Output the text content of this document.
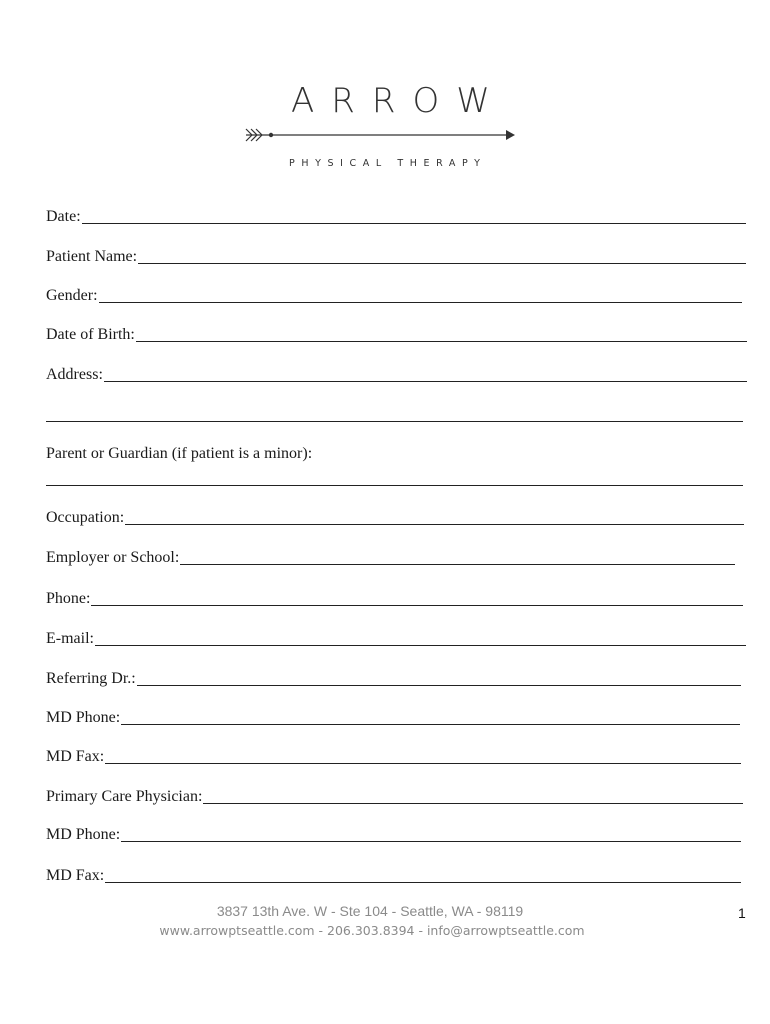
ARROW
PHYSICAL THERAPY
Date:
Patient Name:
Gender:
Date of Birth:
Address:
Parent or Guardian (if patient is a minor):
Occupation:
Employer or School:
Phone:
E-mail:
Referring Dr.:
MD Phone:
MD Fax:
Primary Care Physician:
MD Phone:
MD Fax:
3837 13th Ave. W - Ste 104 - Seattle, WA - 98119
www.arrowptseattle.com - 206.303.8394 - info@arrowptseattle.com
1
